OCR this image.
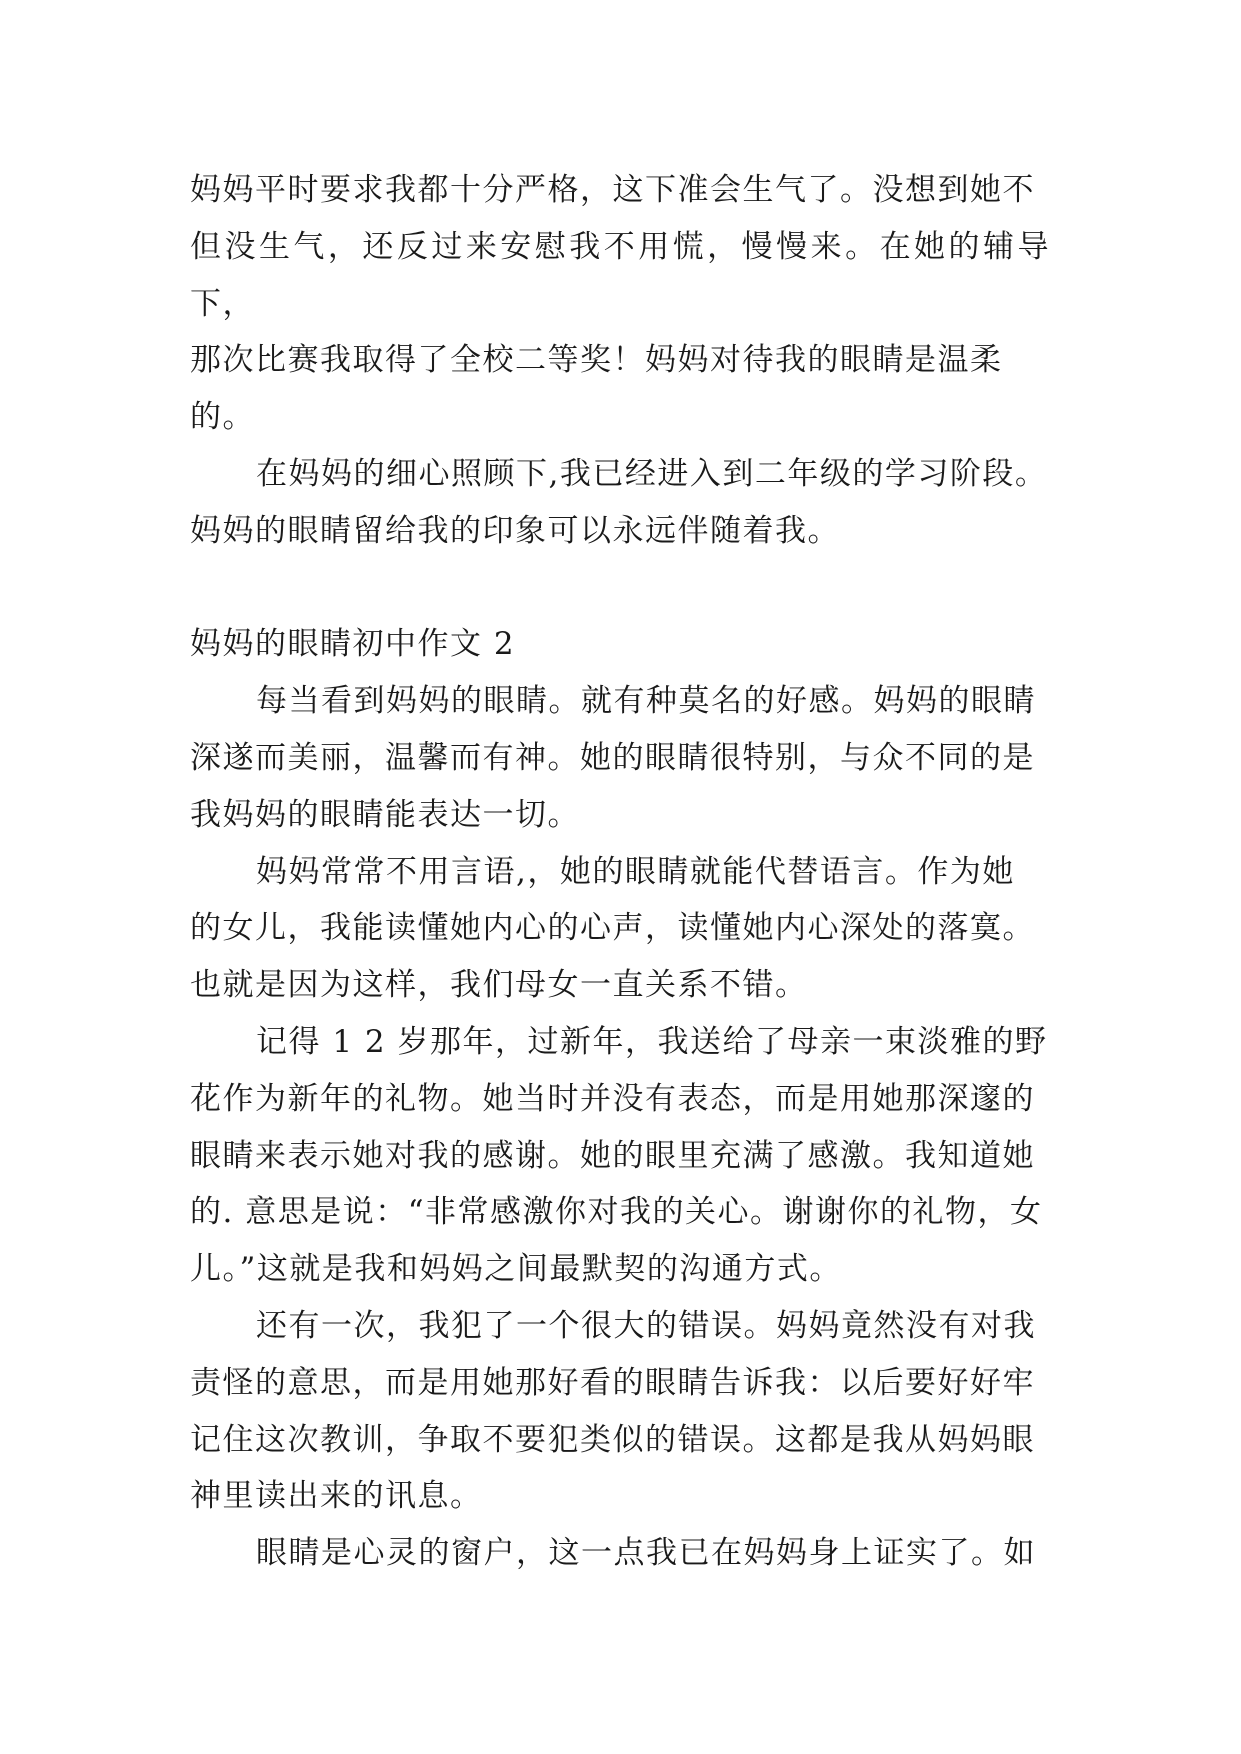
妈妈平时要求我都十分严格，这下准会生气了。没想到她不
但没生气，还反过来安慰我不用慌，慢慢来。在她的辅导下，
那次比赛我取得了全校二等奖！妈妈对待我的眼睛是温柔
的。

在妈妈的细心照顾下,我已经进入到二年级的学习阶段。
妈妈的眼睛留给我的印象可以永远伴随着我。

妈妈的眼睛初中作文 2

每当看到妈妈的眼睛。就有种莫名的好感。妈妈的眼睛
深遂而美丽，温馨而有神。她的眼睛很特别，与众不同的是
我妈妈的眼睛能表达一切。

妈妈常常不用言语,，她的眼睛就能代替语言。作为她
的女儿，我能读懂她内心的心声，读懂她内心深处的落寞。
也就是因为这样，我们母女一直关系不错。

记得 1 2 岁那年，过新年，我送给了母亲一束淡雅的野
花作为新年的礼物。她当时并没有表态，而是用她那深邃的
眼睛来表示她对我的感谢。她的眼里充满了感激。我知道她
的. 意思是说：“非常感激你对我的关心。谢谢你的礼物，女
儿。”这就是我和妈妈之间最默契的沟通方式。

还有一次，我犯了一个很大的错误。妈妈竟然没有对我
责怪的意思，而是用她那好看的眼睛告诉我：以后要好好牢
记住这次教训，争取不要犯类似的错误。这都是我从妈妈眼
神里读出来的讯息。

眼睛是心灵的窗户，这一点我已在妈妈身上证实了。如
